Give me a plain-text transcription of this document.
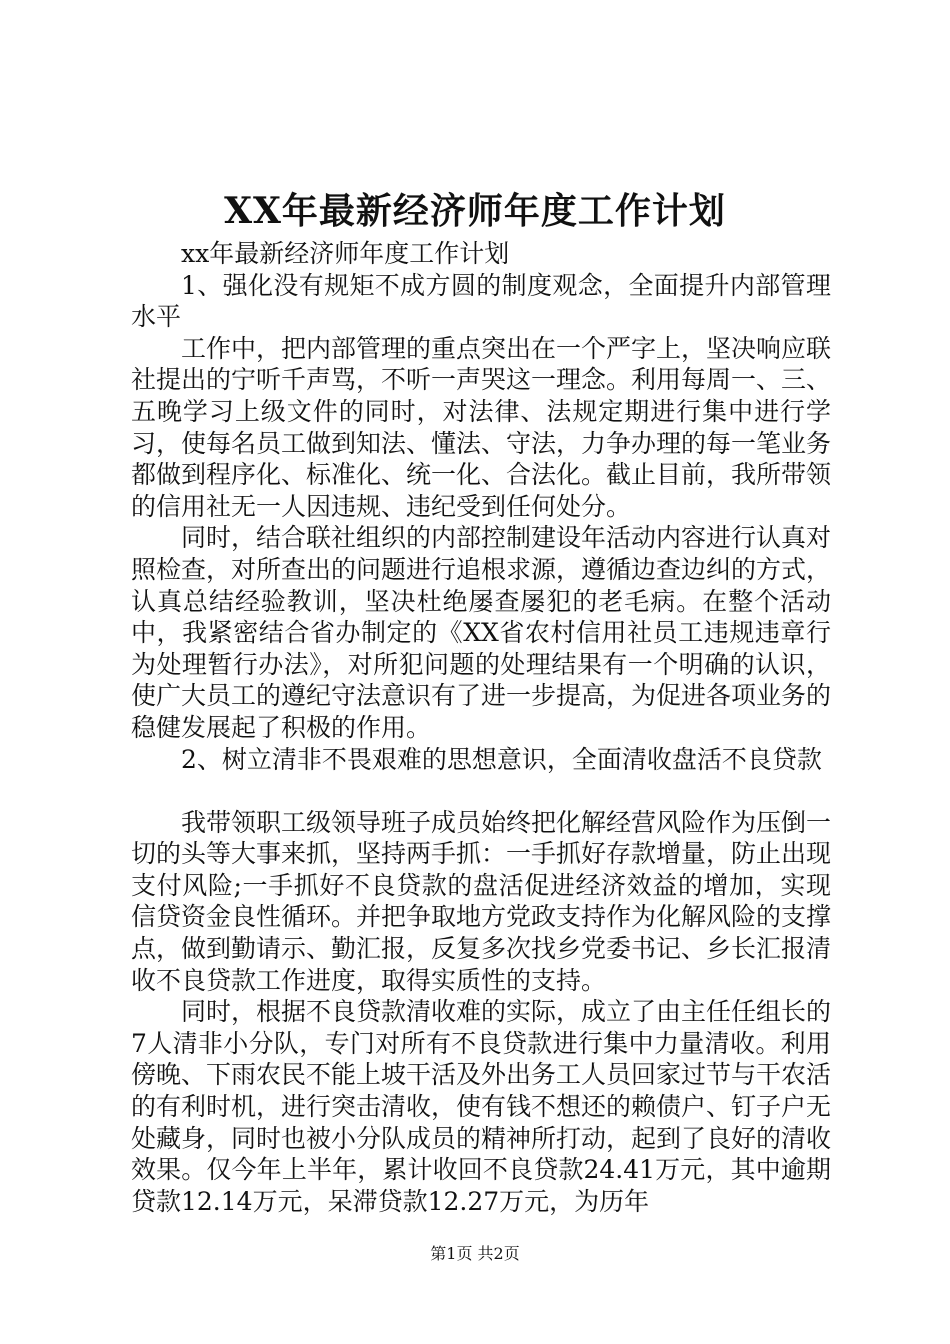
XX年最新经济师年度工作计划

xx年最新经济师年度工作计划

1、强化没有规矩不成方圆的制度观念，全面提升内部管理水平

工作中，把内部管理的重点突出在一个严字上，坚决响应联社提出的宁听千声骂，不听一声哭这一理念。利用每周一、三、五晚学习上级文件的同时，对法律、法规定期进行集中进行学习，使每名员工做到知法、懂法、守法，力争办理的每一笔业务都做到程序化、标准化、统一化、合法化。截止目前，我所带领的信用社无一人因违规、违纪受到任何处分。

同时，结合联社组织的内部控制建设年活动内容进行认真对照检查，对所查出的问题进行追根求源，遵循边查边纠的方式，认真总结经验教训，坚决杜绝屡查屡犯的老毛病。在整个活动中，我紧密结合省办制定的《XX省农村信用社员工违规违章行为处理暂行办法》，对所犯问题的处理结果有一个明确的认识，使广大员工的遵纪守法意识有了进一步提高，为促进各项业务的稳健发展起了积极的作用。

2、树立清非不畏艰难的思想意识，全面清收盘活不良贷款

我带领职工级领导班子成员始终把化解经营风险作为压倒一切的头等大事来抓，坚持两手抓：一手抓好存款增量，防止出现支付风险;一手抓好不良贷款的盘活促进经济效益的增加，实现信贷资金良性循环。并把争取地方党政支持作为化解风险的支撑点，做到勤请示、勤汇报，反复多次找乡党委书记、乡长汇报清收不良贷款工作进度，取得实质性的支持。

同时，根据不良贷款清收难的实际，成立了由主任任组长的7人清非小分队，专门对所有不良贷款进行集中力量清收。利用傍晚、下雨农民不能上坡干活及外出务工人员回家过节与干农活的有利时机，进行突击清收，使有钱不想还的赖债户、钉子户无处藏身，同时也被小分队成员的精神所打动，起到了良好的清收效果。仅今年上半年，累计收回不良贷款24.41万元，其中逾期贷款12.14万元，呆滞贷款12.27万元，为历年

第1页 共2页
